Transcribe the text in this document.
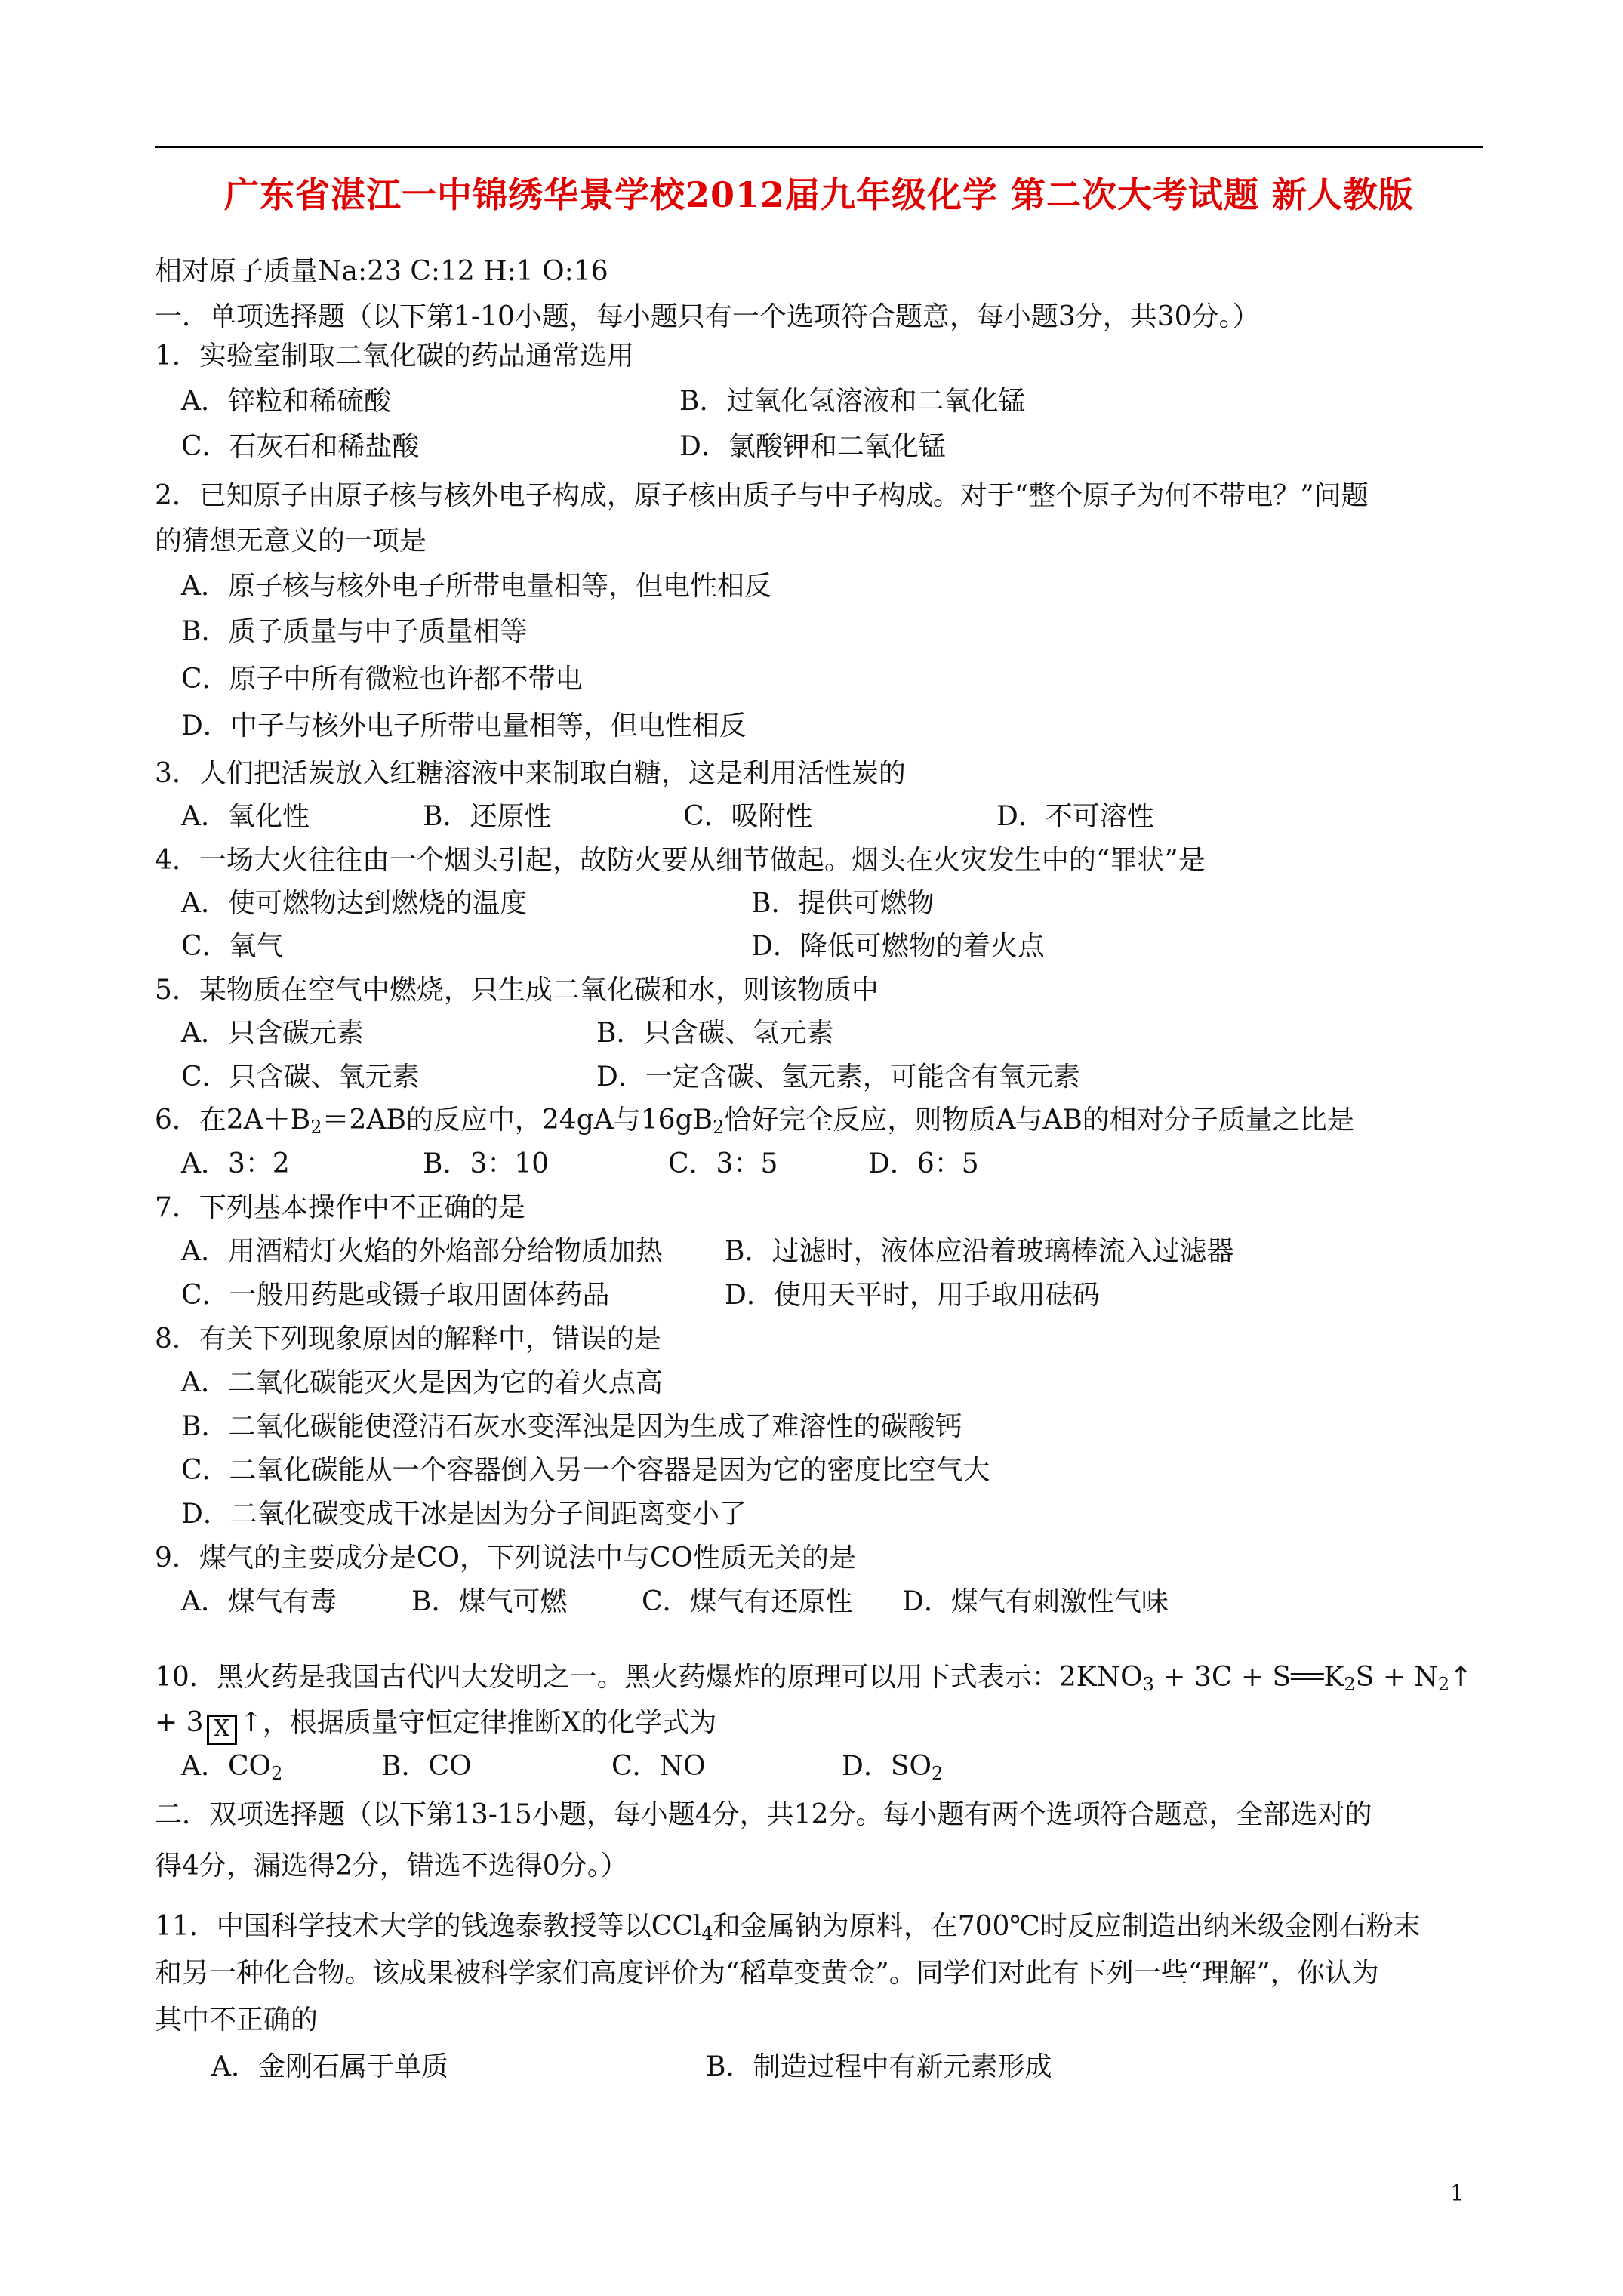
广东省湛江一中锦绣华景学校2012届九年级化学 第二次大考试题 新人教版
相对原子质量Na:23 C:12 H:1 O:16
一．单项选择题（以下第1-10小题，每小题只有一个选项符合题意，每小题3分，共30分。）
1．实验室制取二氧化碳的药品通常选用
A．锌粒和稀硫酸	B．过氧化氢溶液和二氧化锰
C．石灰石和稀盐酸	D．氯酸钾和二氧化锰
2．已知原子由原子核与核外电子构成，原子核由质子与中子构成。对于“整个原子为何不带电？”问题
的猜想无意义的一项是
A．原子核与核外电子所带电量相等，但电性相反
B．质子质量与中子质量相等
C．原子中所有微粒也许都不带电
D．中子与核外电子所带电量相等，但电性相反
3．人们把活炭放入红糖溶液中来制取白糖，这是利用活性炭的
A．氧化性	B．还原性	C．吸附性	D．不可溶性
4．一场大火往往由一个烟头引起，故防火要从细节做起。烟头在火灾发生中的“罪状”是
A．使可燃物达到燃烧的温度	B．提供可燃物
C．氧气	D．降低可燃物的着火点
5．某物质在空气中燃烧，只生成二氧化碳和水，则该物质中
A．只含碳元素	B．只含碳、氢元素
C．只含碳、氧元素	D．一定含碳、氢元素，可能含有氧元素
6．在$2A+B_2=2AB$的反应中，24gA与$16gB_2$恰好完全反应，则物质A与AB的相对分子质量之比是
A．3：2	B．3：10	C．3：5	D．6：5
7．下列基本操作中不正确的是
A．用酒精灯火焰的外焰部分给物质加热 B．过滤时，液体应沿着玻璃棒流入过滤器
C．一般用药匙或镊子取用固体药品	D．使用天平时，用手取用砝码
8．有关下列现象原因的解释中，错误的是
A．二氧化碳能灭火是因为它的着火点高
B．二氧化碳能使澄清石灰水变浑浊是因为生成了难溶性的碳酸钙
C．二氧化碳能从一个容器倒入另一个容器是因为它的密度比空气大
D．二氧化碳变成干冰是因为分子间距离变小了
9．煤气的主要成分是CO，下列说法中与CO性质无关的是
A．煤气有毒	B．煤气可燃	C．煤气有还原性 D．煤气有刺激性气味
10．黑火药是我国古代四大发明之一。黑火药爆炸的原理可以用下式表示：$2KNO_3 + 3C$ + $S══K_2S$ + $N_2↑$
+ 3 X ↑，根据质量守恒定律推断X的化学式为
A．$CO_2$	B．CO	C．NO	D．$SO_2$
二．双项选择题（以下第13-15小题，每小题4分，共12分。每小题有两个选项符合题意，全部选对的
得4分，漏选得2分，错选不选得0分。）
11．中国科学技术大学的钱逸泰教授等以CCl$_4$和金属钠为原料，在700℃时反应制造出纳米级金刚石粉末
和另一种化合物。该成果被科学家们高度评价为“稻草变黄金”。同学们对此有下列一些“理解”，你认为
其中不正确的
A．金刚石属于单质	B．制造过程中有新元素形成
1
